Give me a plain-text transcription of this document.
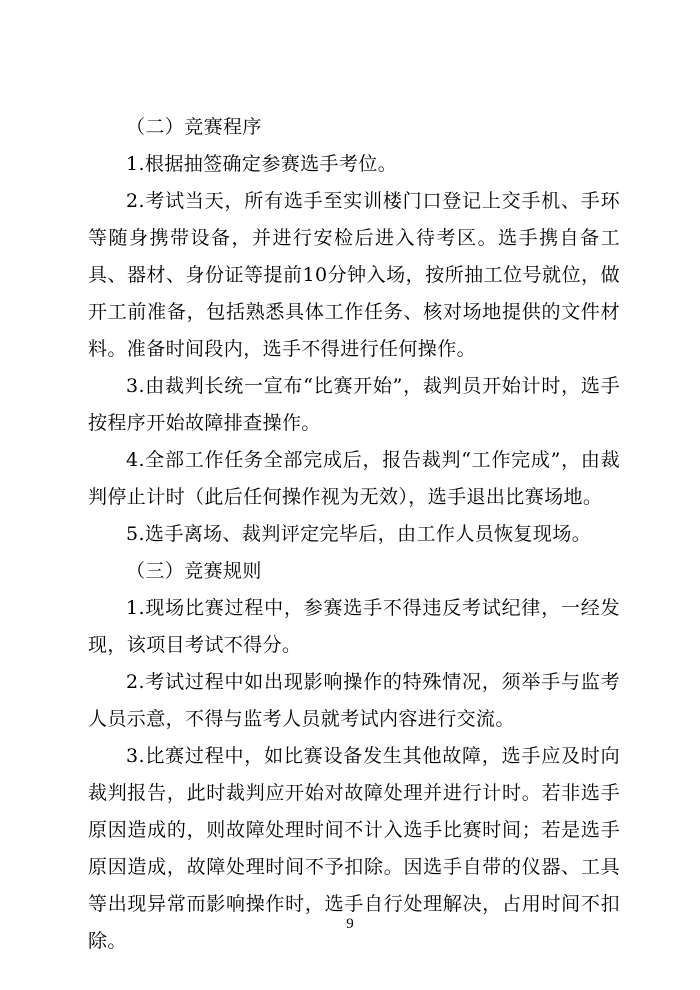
（二）竞赛程序

1.根据抽签确定参赛选手考位。

2.考试当天，所有选手至实训楼门口登记上交手机、手环等随身携带设备，并进行安检后进入待考区。选手携自备工具、器材、身份证等提前10分钟入场，按所抽工位号就位，做开工前准备，包括熟悉具体工作任务、核对场地提供的文件材料。准备时间段内，选手不得进行任何操作。

3.由裁判长统一宣布“比赛开始”，裁判员开始计时，选手按程序开始故障排查操作。

4.全部工作任务全部完成后，报告裁判“工作完成”，由裁判停止计时（此后任何操作视为无效），选手退出比赛场地。

5.选手离场、裁判评定完毕后，由工作人员恢复现场。

（三）竞赛规则

1.现场比赛过程中，参赛选手不得违反考试纪律，一经发现，该项目考试不得分。

2.考试过程中如出现影响操作的特殊情况，须举手与监考人员示意，不得与监考人员就考试内容进行交流。

3.比赛过程中，如比赛设备发生其他故障，选手应及时向裁判报告，此时裁判应开始对故障处理并进行计时。若非选手原因造成的，则故障处理时间不计入选手比赛时间；若是选手原因造成，故障处理时间不予扣除。因选手自带的仪器、工具等出现异常而影响操作时，选手自行处理解决，占用时间不扣除。

9
